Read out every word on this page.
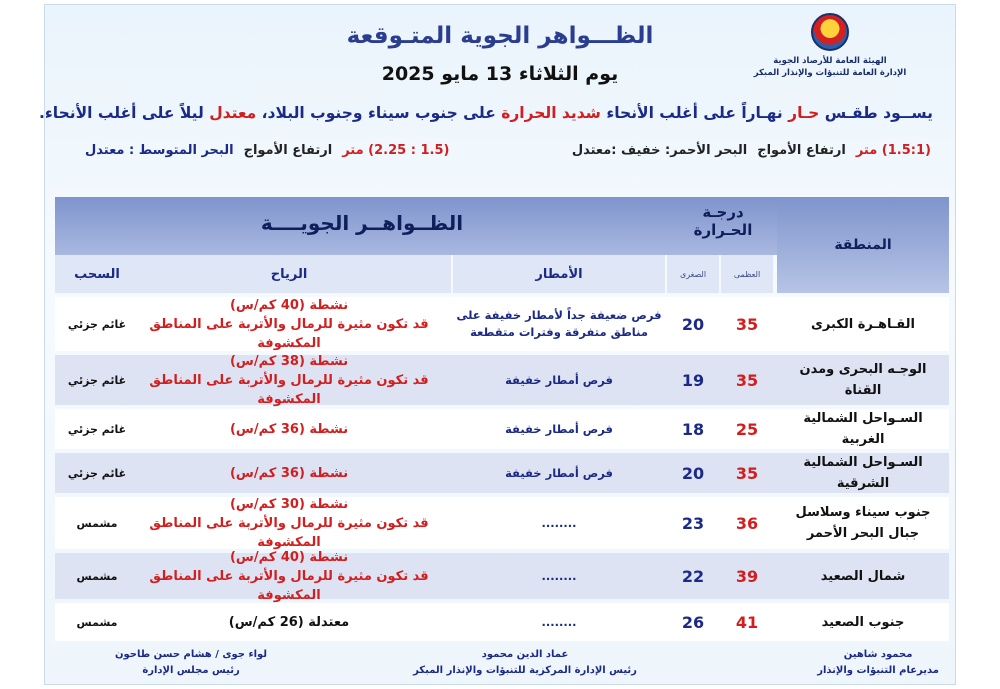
الهيئة العامة للأرصاد الجوية
الإدارة العامة للتنبؤات والإنذار المبكر
الظـــواهر الجوية المتـوقعة
يوم الثلاثاء 13 مايو 2025
يســود طقـس حـار نهـاراً على أغلب الأنحاء شديد الحرارة على جنوب سيناء وجنوب البلاد، معتدل ليلاً على أغلب الأنحاء.
البحر المتوسط : معتدل ارتفاع الأمواج (1.5 : 2.25) متر	البحر الأحمر: خفيف :معتدل ارتفاع الأمواج (1.5:1) متر
المنطقة
درجـة
الحـرارة
الظــواهــر الجويــــة
العظمى
الصغرى
الأمطار
الرياح
السحب
القـاهـرة الكبرى
35
20
فرص ضعيفة جداً لأمطار خفيفة على مناطق متفرقة وفترات متقطعة
نشطة (40 كم/س)
قد تكون مثيرة للرمال والأتربة على المناطق المكشوفة
غائم جزئي
الوجـه البحرى ومدن القناة
35
19
فرص أمطار خفيفة
نشطة (38 كم/س)
قد تكون مثيرة للرمال والأتربة على المناطق المكشوفة
غائم جزئي
السـواحل الشمالية الغربية
25
18
فرص أمطار خفيفة
نشطة (36 كم/س)
غائم جزئي
السـواحل الشمالية الشرقية
35
20
فرص أمطار خفيفة
نشطة (36 كم/س)
غائم جزئي
جنوب سيناء وسلاسل جبال البحر الأحمر
36
23
........
نشطة (30 كم/س)
قد تكون مثيرة للرمال والأتربة على المناطق المكشوفة
مشمس
شمال الصعيد
39
22
........
نشطة (40 كم/س)
قد تكون مثيرة للرمال والأتربة على المناطق المكشوفة
مشمس
جنوب الصعيد
41
26
........
معتدلة (26 كم/س)
مشمس
محمود شاهين
مديرعام التنبؤات والإنذار
عماد الدين محمود
رئيس الإدارة المركزية للتنبؤات والإنذار المبكر
لواء جوى / هشام حسن طاحون
رئيس مجلس الإدارة
